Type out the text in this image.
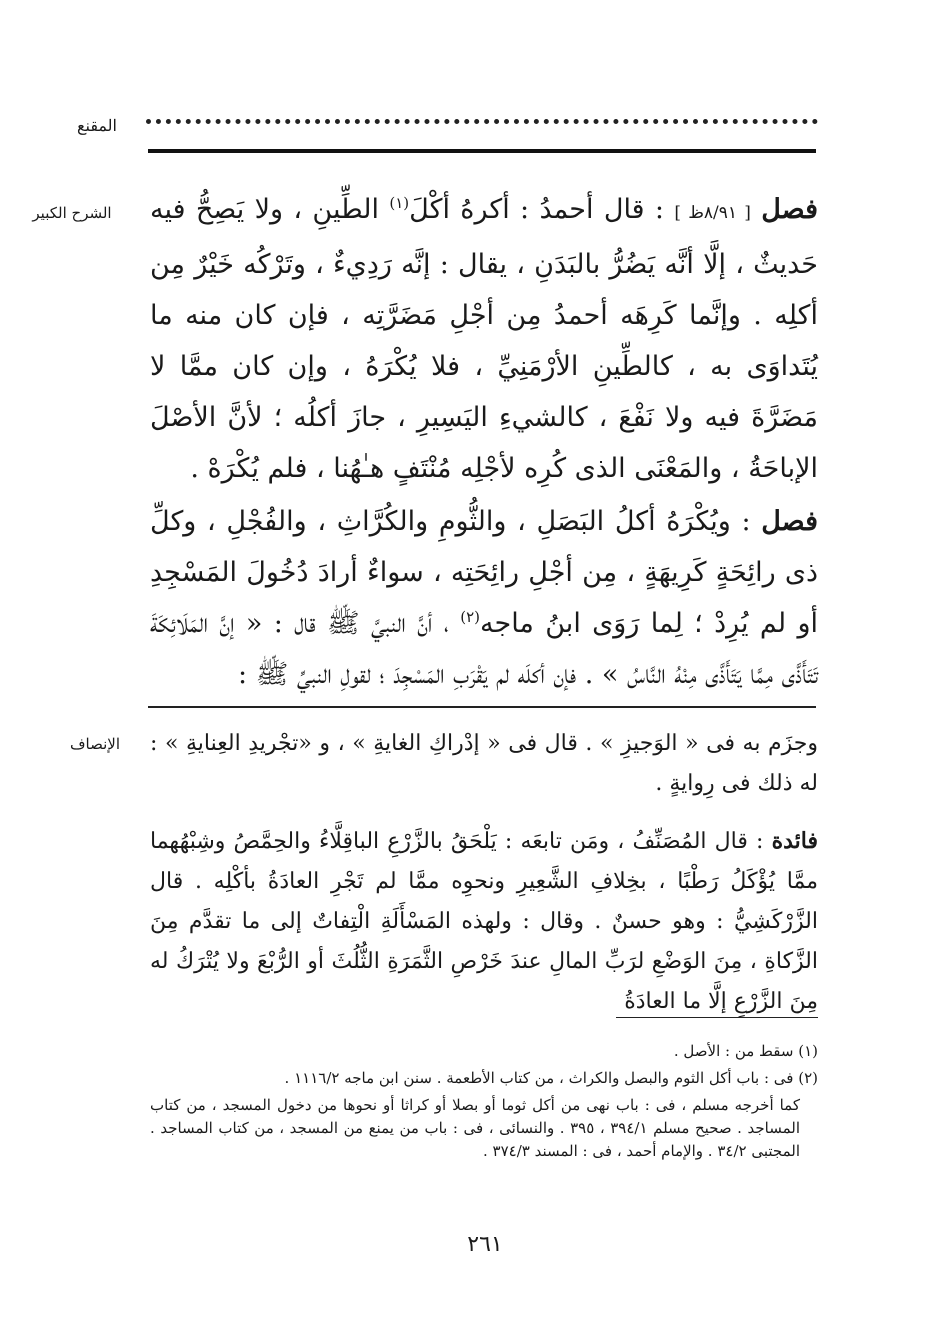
المقنع
الشرح الكبير	فصل [ ٨/٩١ظ ] : قال أحمدُ : أكرهُ أكْلَ$^{(١)}$ الطِّينِ ، ولا يَصِحُّ فيه حَديثٌ ، إلَّا أنَّه يَضُرُّ بالبَدَنِ ، يقال : إنَّه رَدِيءٌ ، وتَرْكُه خَيْرٌ مِن أكلِه . وإنَّما كَرِهَه أحمدُ مِن أجْلِ مَضَرَّتِه ، فإن كان منه ما يُتَداوَى به ، كالطِّينِ الأرْمَنِيِّ ، فلا يُكْرَهُ ، وإن كان ممَّا لا مَضَرَّةَ فيه ولا نَفْعَ ، كالشيءِ اليَسِيرِ ، جازَ أكلُه ؛ لأنَّ الأصْلَ الإباحَةُ ، والمَعْنَى الذى كُرِه لأجْلِه مُنْتَفٍ هـٰهُنا ، فلم يُكْرَهْ .
فصل : ويُكْرَهُ أكلُ البَصَلِ ، والثُّومِ والكُرَّاثِ ، والفُجْلِ ، وكلِّ ذى رائِحَةٍ كَرِيهَةٍ ، مِن أجْلِ رائِحَتِه ، سواءٌ أرادَ دُخُولَ المَسْجِدِ أو لم يُرِدْ ؛ لِما رَوَى ابنُ ماجه$^{(٢)}$ ، أنَّ النبيَّ ﷺ قال : « إنَّ المَلَائِكَةَ تَتَأَذَّى مِمَّا يَتَأَذَّى مِنْهُ النَّاسُ » . فإن أكلَه لم يَقْرَبِ المَسْجِدَ ؛ لقولِ النبيِّ ﷺ :
الإنصاف	وجزَم به فى « الوَجيزِ » . قال فى « إدْراكِ الغايةِ » ، و «تجْريدِ العِنايةِ » : له ذلك فى رِوايةٍ .
فائدة : قال المُصَنِّفُ ، ومَن تابعَه : يَلْحَقُ بالزَّرْعِ الباقِلَّاءُ والحِمَّصُ وشِبْهُهما ممَّا يُؤْكَلُ رَطْبًا ، بخِلافِ الشَّعِيرِ ونحوِه ممَّا لم تَجْرِ العادَةُ بأكْلِه . قال الزَّرْكَشِيُّ : وهو حسنٌ . وقال : ولهذه المَسْأَلَةِ الْتِفاتٌ إلى ما تقدَّم مِنَ الزَّكاةِ ، مِنَ الوَضْعِ لرَبِّ المالِ عندَ خَرْصِ الثَّمَرَةِ الثُّلُثَ أو الرُّبْعَ ولا يُتْرَكُ له مِنَ الزَّرْعِ إلَّا ما العادَةُ

(١) سقط من : الأصل .

(٢) فى : باب أكل الثوم والبصل والكراث ، من كتاب الأطعمة . سنن ابن ماجه ١١١٦/٢ .

كما أخرجه مسلم ، فى : باب نهى من أكل ثوما أو بصلا أو كراثا أو نحوها من دخول المسجد ، من كتاب المساجد . صحيح مسلم ٣٩٤/١ ، ٣٩٥ . والنسائى ، فى : باب من يمنع من المسجد ، من كتاب المساجد . المجتبى ٣٤/٢ . والإمام أحمد ، فى : المسند ٣٧٤/٣ .

٢٦١
